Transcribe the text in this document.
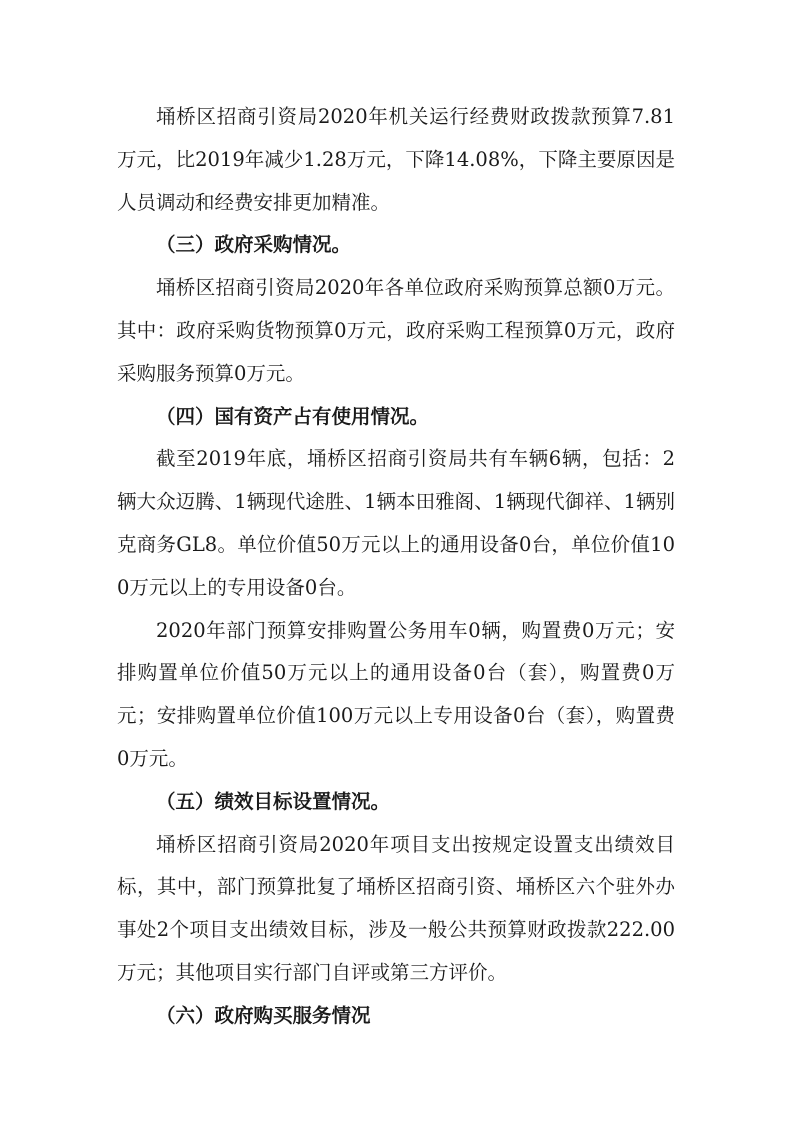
埇桥区招商引资局2020年机关运行经费财政拨款预算7.81万元，比2019年减少1.28万元，下降14.08%，下降主要原因是人员调动和经费安排更加精准。

（三）政府采购情况。

埇桥区招商引资局2020年各单位政府采购预算总额0万元。其中：政府采购货物预算0万元，政府采购工程预算0万元，政府采购服务预算0万元。

（四）国有资产占有使用情况。

截至2019年底，埇桥区招商引资局共有车辆6辆，包括：2辆大众迈腾、1辆现代途胜、1辆本田雅阁、1辆现代御祥、1辆别克商务GL8。单位价值50万元以上的通用设备0台，单位价值100万元以上的专用设备0台。

2020年部门预算安排购置公务用车0辆，购置费0万元；安排购置单位价值50万元以上的通用设备0台（套），购置费0万元；安排购置单位价值100万元以上专用设备0台（套），购置费0万元。

（五）绩效目标设置情况。

埇桥区招商引资局2020年项目支出按规定设置支出绩效目标，其中，部门预算批复了埇桥区招商引资、埇桥区六个驻外办事处2个项目支出绩效目标，涉及一般公共预算财政拨款222.00万元；其他项目实行部门自评或第三方评价。

（六）政府购买服务情况
